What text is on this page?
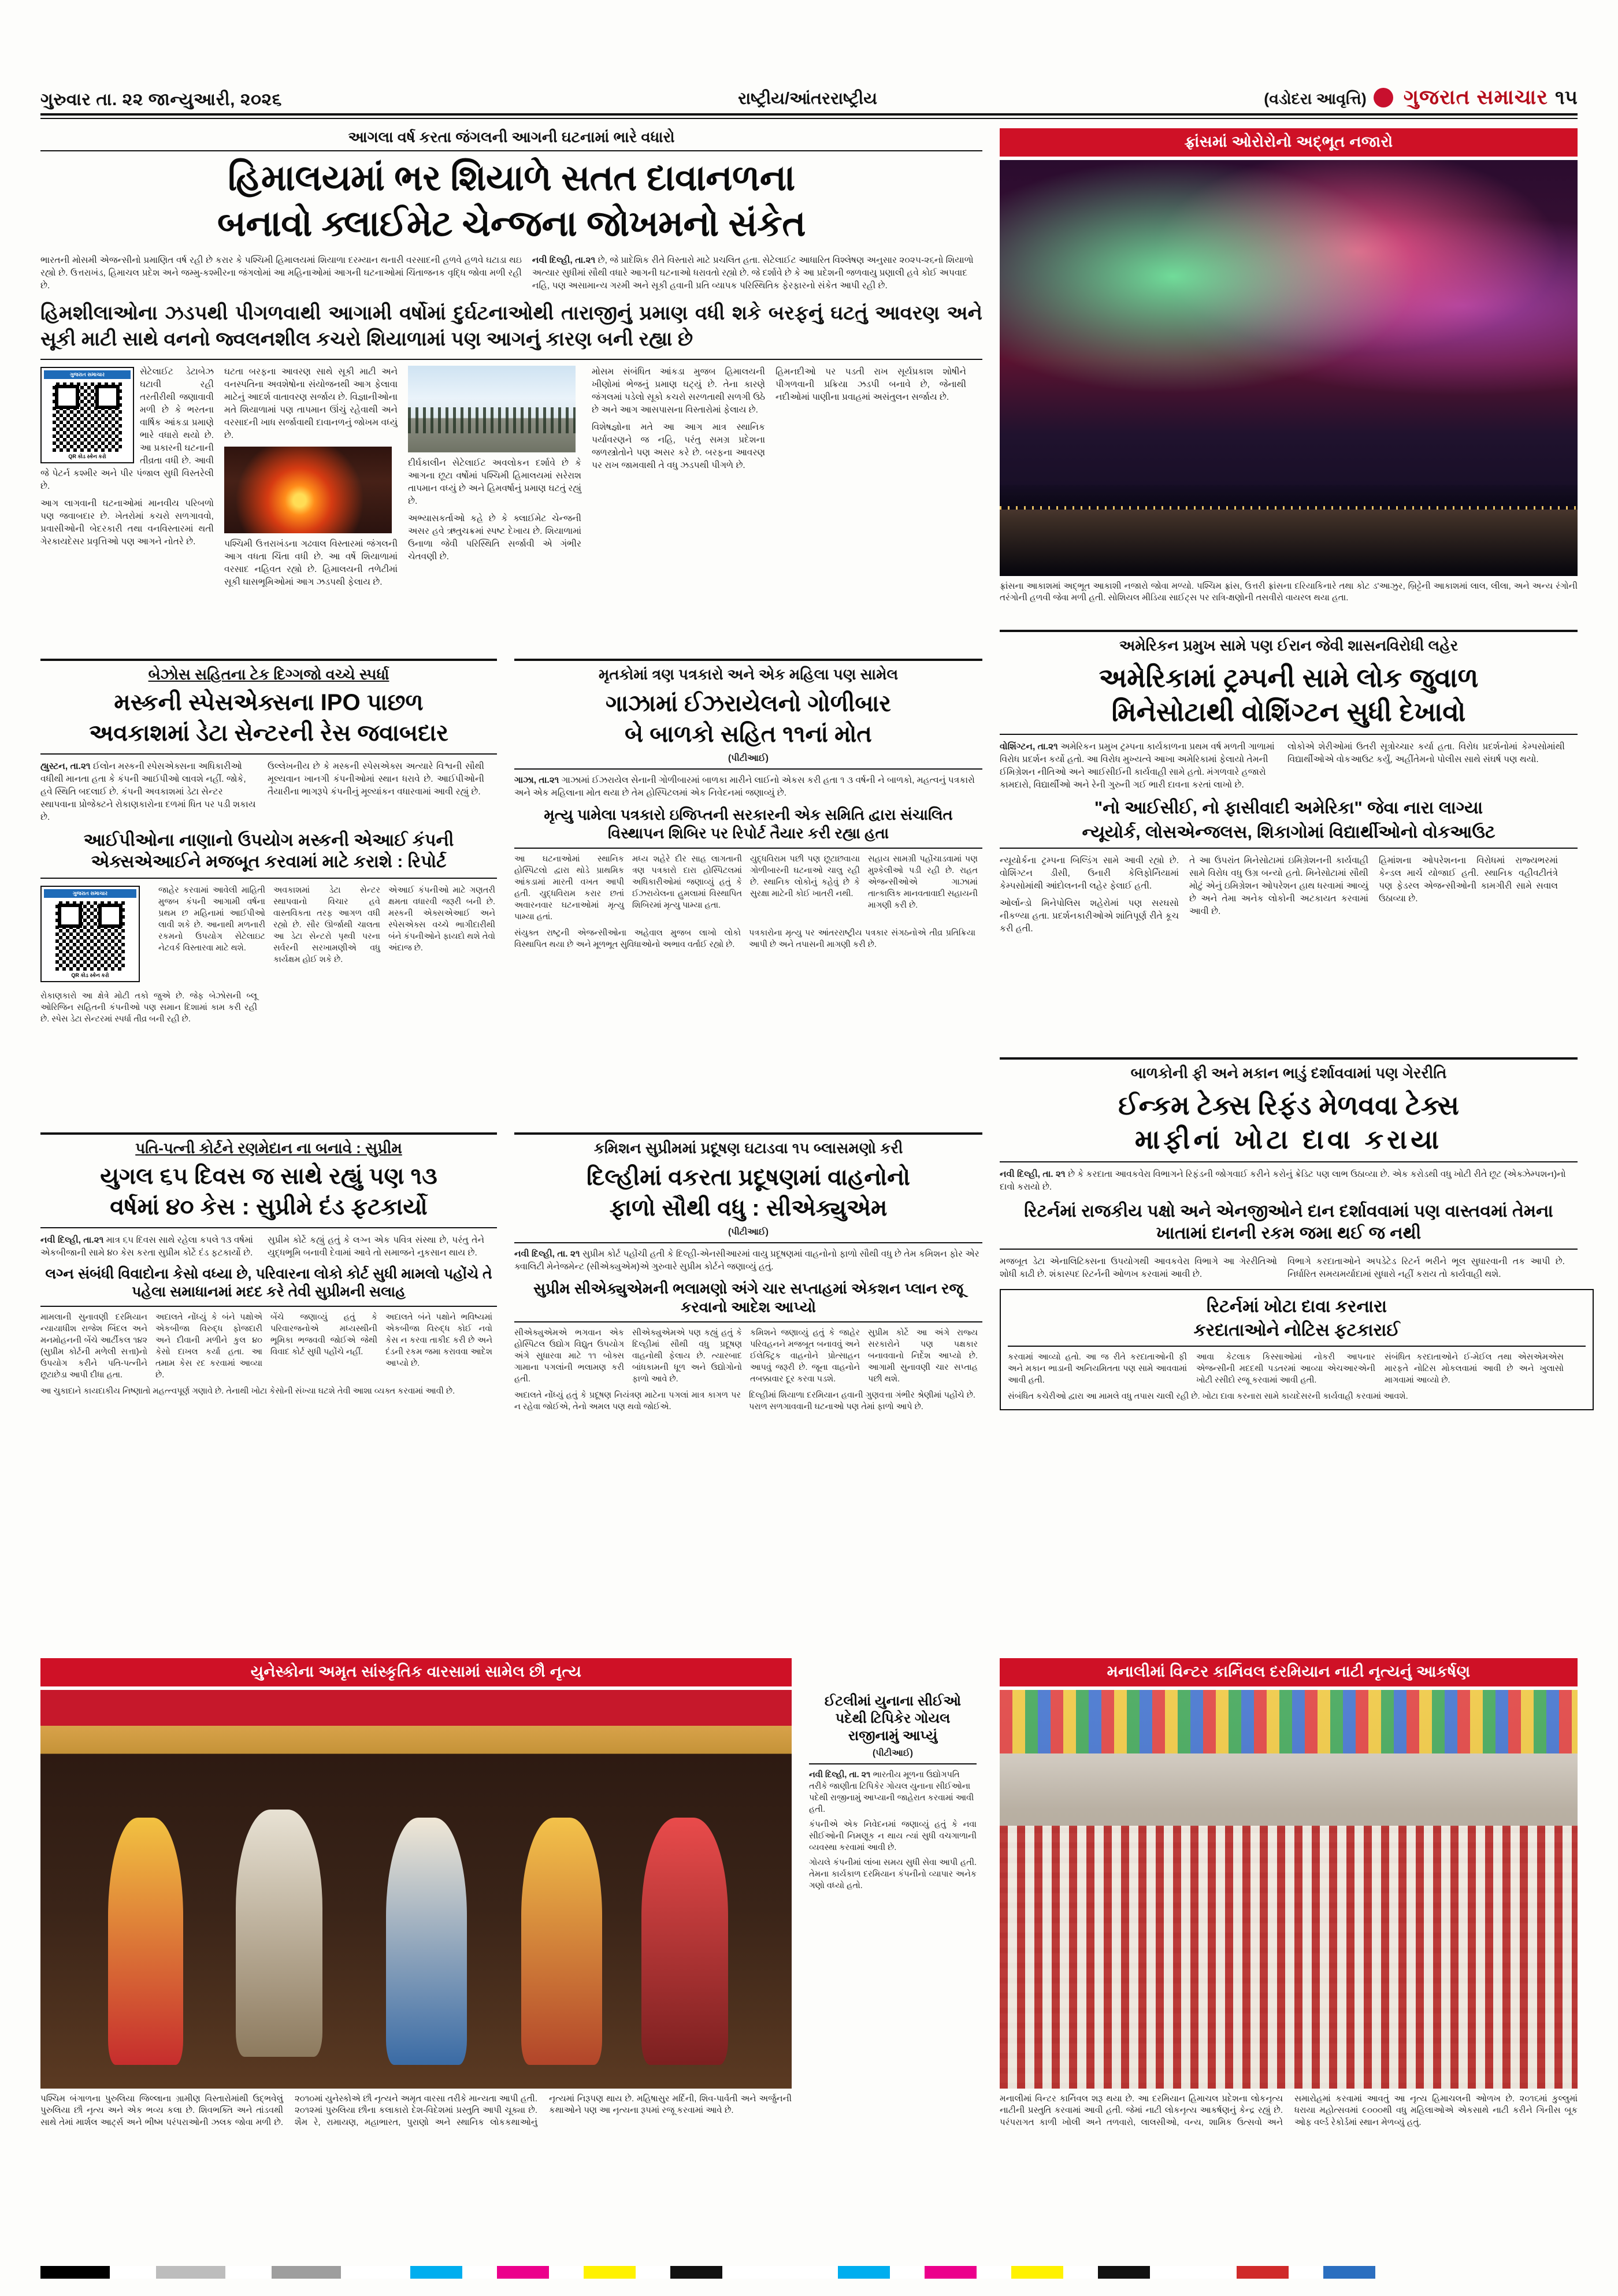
ગુરુવાર તા. ૨૨ જાન્યુઆરી, ૨૦૨૬	રાષ્ટ્રીય/આંતરરાષ્ટ્રીય	(વડોદરા આવૃત્તિ) ગુજરાત સમાચાર ૧૫
આગલા વર્ષ કરતા જંગલની આગની ઘટનામાં ભારે વધારો
હિમાલયમાં ભર શિયાળે સતત દાવાનળના
બનાવો ક્લાઈમેટ ચેન્જના જોખમનો સંકેત
ભારતની મોસમી એજન્સીનો પ્રમાણિત વર્ષ રહી છે કરાર કે પશ્ચિમી હિમાલયમાં શિયાળા દરમ્યાન થનારી વરસાદની હળવે હળવે ઘટાડા થઇ રહ્યો છે. ઉત્તરાખંડ, હિમાચલ પ્રદેશ અને જમ્મુ-કશ્મીરના જંગલોમાં આ મહિનાઓમાં આગની ઘટનાઓમાં ચિંતાજનક વૃદ્ધિ જોવા મળી રહી છે.
નવી દિલ્હી, તા.૨૧ છે, જે પ્રાદેશિક રીતે વિસ્તારો માટે પ્રચલિત હતા. સેટેલાઈટ આધારિત વિશ્લેષણ અનુસાર ૨૦૨૫-૨૬નો શિયાળો અત્યાર સુધીમાં સૌથી વધારે આગની ઘટનાઓ ધરાવતો રહ્યો છે. જે દર્શાવે છે કે આ પ્રદેશની જળવાયુ પ્રણાલી હવે કોઈ અપવાદ નહિ, પણ અસામાન્ય ગરમી અને સૂકી હવાની પ્રતિ વ્યાપક પરિસ્થિતિક ફેરફારનો સંકેત આપી રહી છે.
હિમશીલાઓના ઝડપથી પીગળવાથી આગામી વર્ષોમાં દુર્ઘટનાઓથી તારાજીનું પ્રમાણ વધી શકે બરફનું ઘટતું આવરણ અને સૂકી માટી સાથે વનનો જ્વલનશીલ કચરો શિયાળામાં પણ આગનું કારણ બની રહ્યા છે
ગુજરાત સમાચાર
QR કોડ સ્કેન કરો
સેટેલાઈટ ડેટાબેઝ ઘટાવી રહી તરતીરીથી જણાવાવી મળી છે કે ભરતના વાર્ષિક આંકડા પ્રમાણે ભારે વધારો થયો છે. આ પ્રકારની ઘટનાની તીવ્રતા વધી છે. આવી જે પેટર્ન કશ્મીર અને પીર પંજાલ સુધી વિસ્તરેલી છે.
આગ લાગવાની ઘટનાઓમાં માનવીય પરિબળો પણ જવાબદાર છે. ખેતરોમાં કચરો સળગાવવો, પ્રવાસીઓની બેદરકારી તથા વનવિસ્તારમાં થતી ગેરકાયદેસર પ્રવૃત્તિઓ પણ આગને નોતરે છે.
ઘટતા બરફના આવરણ સાથે સૂકી માટી અને વનસ્પતિના અવશેષોના સંયોજનથી આગ ફેલાવા માટેનું આદર્શ વાતાવરણ સર્જાય છે. વિજ્ઞાનીઓના મતે શિયાળામાં પણ તાપમાન ઊંચું રહેવાથી અને વરસાદની ખાધ સર્જાવાથી દાવાનળનું જોખમ વધ્યું છે.
પશ્ચિમી ઉત્તરાખંડના ગઢવાલ વિસ્તારમાં જંગલની આગ વધતા ચિંતા વધી છે. આ વર્ષે શિયાળામાં વરસાદ નહિવત રહ્યો છે. હિમાલયની તળેટીમાં સૂકી ઘાસભૂમિઓમાં આગ ઝડપથી ફેલાય છે.
દીર્ઘકાલીન સેટેલાઈટ અવલોકન દર્શાવે છે કે આગના છૂટા વર્ષોમાં પશ્ચિમી હિમાલયમાં સરેરાશ તાપમાન વધ્યું છે અને હિમવર્ષાનું પ્રમાણ ઘટતું રહ્યું છે.
અભ્યાસકર્તાઓ કહે છે કે ક્લાઈમેટ ચેન્જની અસર હવે ઋતુચક્રમાં સ્પષ્ટ દેખાય છે. શિયાળામાં ઉનાળા જેવી પરિસ્થિતિ સર્જાવી એ ગંભીર ચેતવણી છે.
મોસમ સંબંધિત આંકડા મુજબ હિમાલયની ખીણોમાં ભેજનું પ્રમાણ ઘટ્યું છે. તેના કારણે જંગલમાં પડેલો સૂકો કચરો સરળતાથી સળગી ઉઠે છે અને આગ આસપાસના વિસ્તારોમાં ફેલાય છે.
વિશેષજ્ઞોના મતે આ આગ માત્ર સ્થાનિક પર્યાવરણને જ નહિ, પરંતુ સમગ્ર પ્રદેશના જળસ્ત્રોતોને પણ અસર કરે છે. બરફના આવરણ પર રાખ જામવાથી તે વધુ ઝડપથી પીગળે છે.
હિમનદીઓ પર પડતી રાખ સૂર્યપ્રકાશ શોષીને પીગળવાની પ્રક્રિયા ઝડપી બનાવે છે, જેનાથી નદીઓમાં પાણીના પ્રવાહમાં અસંતુલન સર્જાય છે.
ફ્રાંસમાં ઓરોરોનો અદ્ભૂત નજારો
ફ્રાંસના આકાશમાં અદ્ભૂત આકાશી નજારો જોવા મળ્યો. પશ્ચિમ ફ્રાંસ, ઉત્તરી ફ્રાંસના દરિયાકિનારે તથા કોટ ડ'આઝુર, બ્રિટ્ટેની આકાશમાં લાલ, લીલા, અને અન્ય રંગોની તરંગોની હળવી જેવા મળી હતી. સોશિયલ મીડિયા સાઈટ્સ પર રાત્રિ-ક્ષણોની તસવીરો વાયરલ થયા હતા.
અમેરિકન પ્રમુખ સામે પણ ઈરાન જેવી શાસનવિરોધી લહેર
અમેરિકામાં ટ્રમ્પની સામે લોક જુવાળ
મિનેસોટાથી વોશિંગ્ટન સુધી દેખાવો
વોશિંગ્ટન, તા.૨૧ અમેરિકન પ્રમુખ ટ્રમ્પના કાર્યકાળના પ્રથમ વર્ષ મળતી ગાળામાં વિરોધ પ્રદર્શન કર્યો હતો. આ વિરોધ મુખ્યત્વે આખા અમેરિકામાં ફેલાયો તેમની ઈમિગ્રેશન નીતિઓ અને આઈસીઈની કાર્યવાહી સામે હતો. મંગળવારે હજારો કામદારો, વિદ્યાર્થીઓ અને રેની ગુરુની ગઈ ભારી દાવના કરતાં લાખો છે.
લોકોએ શેરીઓમાં ઉતરી સૂત્રોચ્ચાર કર્યા હતા. વિરોધ પ્રદર્શનોમાં કેમ્પસોમાંથી વિદ્યાર્થીઓએ વોકઆઉટ કર્યું, અહીંતેમનો પોલીસ સાથે સંઘર્ષ પણ થયો.
"નો આઈસીઈ, નો ફાસીવાદી અમેરિકા" જેવા નારા લાગ્યા
ન્યૂયોર્ક, લોસએન્જલસ, શિકાગોમાં વિદ્યાર્થીઓનો વોકઆઉટ
ન્યૂયોર્કના ટ્રમ્પના બિલ્ડિંગ સામે આવી રહ્યો છે. વોશિંગ્ટન ડીસી, ઉનારી કેલિફોર્નિયામાં કેમ્પસોમાંથી આંદોલનની લહેર ફેલાઈ હતી.
ઓર્લાન્ડો મિનેપોલિસ શહેરોમાં પણ સરઘસો નીકળ્યા હતા. પ્રદર્શનકારીઓએ શાંતિપૂર્ણ રીતે કૂચ કરી હતી.
તે આ ઉપરાંત મિનેસોટામાં ઇમિગ્રેશનની કાર્યવાહી સામે વિરોધ વધુ ઉગ્ર બન્યો હતો. મિનેસોટામાં સૌથી મોટું એનું ઇમિગ્રેશન ઓપરેશન હાથ ધરવામાં આવ્યું છે અને તેમા અનેક લોકોની અટકાયત કરવામાં આવી છે.
હિમાંશના ઓપરેશનના વિરોધમાં રાજ્યભરમાં કેન્ડલ માર્ચ યોજાઈ હતી. સ્થાનિક વહીવટીતંત્રે પણ ફેડરલ એજન્સીઓની કામગીરી સામે સવાલ ઉઠાવ્યા છે.
બાળકોની ફી અને મકાન ભાડું દર્શાવવામાં પણ ગેરરીતિ
ઈન્કમ ટેક્સ રિફંડ મેળવવા ટેક્સ
માફીનાં ખોટા દાવા કરાયા
નવી દિલ્હી, તા. ૨૧ છે કે કરદાતા આવકવેરા વિભાગને રિફંડની જોગવાઈ કરીને કરોનું ક્રેડિટ પણ લાભ ઉઠાવ્યા છે. એક કરોડથી વધુ ખોટી રીતે છૂટ (એક્ઝેમ્પશન)નો દાવો કરાયો છે.
રિટર્નમાં રાજકીય પક્ષો અને એનજીઓને દાન દર્શાવવામાં પણ વાસ્તવમાં તેમના ખાતામાં દાનની રકમ જમા થઈ જ નથી
મજબૂત ડેટા એનાલિટિક્સના ઉપયોગથી આવકવેરા વિભાગે આ ગેરરીતિઓ શોધી કાઢી છે. શંકાસ્પદ રિટર્નની ઓળખ કરવામાં આવી છે.
વિભાગે કરદાતાઓને અપડેટેડ રિટર્ન ભરીને ભૂલ સુધારવાની તક આપી છે. નિર્ધારિત સમયમર્યાદામાં સુધારો નહીં કરાય તો કાર્યવાહી થશે.
રિટર્નમાં ખોટા દાવા કરનારા
કરદાતાઓને નોટિસ ફટકારાઈ
કરવામાં આવ્યો હતો. આ જ રીતે કરદાતાઓની ફી અને મકાન ભાડાની અનિયમિતતા પણ સામે આવવામાં આવી હતી.
આવા કેટલાક કિસ્સાઓમાં નોકરી આપનાર એજન્સીની મદદથી પડતરમાં આવ્યા એચઆરએની ખોટી રસીદો રજૂ કરવામાં આવી હતી.
સંબંધિત કરદાતાઓને ઈ-મેઈલ તથા એસએમએસ મારફતે નોટિસ મોકલવામાં આવી છે અને ખુલાસો માગવામાં આવ્યો છે.
સંબંધિત કચેરીઓ દ્વારા આ મામલે વધુ તપાસ ચાલી રહી છે. ખોટા દાવા કરનારા સામે કાયદેસરની કાર્યવાહી કરવામાં આવશે.
બેઝોસ સહિતના ટેક દિગ્ગજો વચ્ચે સ્પર્ધા
મસ્કની સ્પેસએક્સના IPO પાછળ
અવકાશમાં ડેટા સેન્ટરની રેસ જવાબદાર
હ્યુસ્ટન, તા.૨૧ ઈલોન મસ્કની સ્પેસએક્સના અધિકારીઓ વધીથી માનતા હતા કે કંપની આઈપીઓ લાવશે નહીં. જોકે, હવે સ્થિતિ બદલાઈ છે. કંપની અવકાશમાં ડેટા સેન્ટર સ્થાપવાના પ્રોજેક્ટને રોકાણકારોના દળમાં ધિત પર પડી શકાય છે.
ઉલ્લેખનીય છે કે મસ્કની સ્પેસએક્સ અત્યારે વિશ્વની સૌથી મૂલ્યવાન ખાનગી કંપનીઓમાં સ્થાન ધરાવે છે. આઈપીઓની તૈયારીના ભાગરૂપે કંપનીનું મૂલ્યાંકન વધારવામાં આવી રહ્યું છે.
આઈપીઓના નાણાનો ઉપયોગ મસ્કની એઆઈ કંપની એક્સએઆઈને મજબૂત કરવામાં માટે કરાશે : રિપોર્ટ
ગુજરાત સમાચાર
QR કોડ સ્કેન કરો
જાહેર કરવામાં આવેલી માહિતી મુજબ કંપની આગામી વર્ષના પ્રથમ છ મહિનામાં આઈપીઓ લાવી શકે છે. આનાથી મળનારી રકમનો ઉપયોગ સેટેલાઇટ નેટવર્ક વિસ્તારવા માટે થશે.
અવકાશમાં ડેટા સેન્ટર સ્થાપવાનો વિચાર હવે વાસ્તવિકતા તરફ આગળ વધી રહ્યો છે. સૌર ઊર્જાથી ચાલતા આ ડેટા સેન્ટરો પૃથ્વી પરના સર્વરની સરખામણીએ વધુ કાર્યક્ષમ હોઈ શકે છે.
એઆઈ કંપનીઓ માટે ગણતરી ક્ષમતા વધારવી જરૂરી બની છે. મસ્કની એક્સએઆઈ અને સ્પેસએક્સ વચ્ચે ભાગીદારીથી બંને કંપનીઓને ફાયદો થશે તેવો અંદાજ છે.
રોકાણકારો આ ક્ષેત્રે મોટી તકો જુએ છે. જેફ બેઝોસની બ્લૂ ઓરિજિન સહિતની કંપનીઓ પણ સમાન દિશામાં કામ કરી રહી છે. સ્પેસ ડેટા સેન્ટરમાં સ્પર્ધા તીવ્ર બની રહી છે.
મૃતકોમાં ત્રણ પત્રકારો અને એક મહિલા પણ સામેલ
ગાઝામાં ઈઝરાયેલનો ગોળીબાર
બે બાળકો સહિત ૧૧નાં મોત
(પીટીઆઈ)
ગાઝા, તા.૨૧ ગાઝામાં ઈઝરાયેલ સેનાની ગોળીબારમાં બાળકા મારીને લાઈનો એકસ કરી હતા ૧ ૩ વર્ષની ને બાળકો, મહત્વનું પત્રકારો અને એક મહિલાના મોત થયા છે તેમ હોસ્પિટલમાં એક નિવેદનમાં જણાવ્યું છે.
મૃત્યુ પામેલા પત્રકારો ઇજિપ્તની સરકારની એક સમિતિ દ્વારા સંચાલિત વિસ્થાપન શિબિર પર રિપોર્ટ તૈયાર કરી રહ્યા હતા
આ ઘટનાઓમાં સ્થાનિક હોસ્પિટલો દ્વારા થોડે પ્રાથમિક આંકડામાં મારતી વખત આપી હતી. યુદ્ધવિરામ કરાર છતાં અવારનવાર ઘટનાઓમાં મૃત્યુ પામ્યા હતાં.
મધ્ય શહેરે દીર સાહ લાગતાની ત્રણ પત્રકારો દારા હોસ્પિટલમાં અધિકારીઓમાં જણાવ્યું હતું કે ઈઝરાયેલના હુમલામાં વિસ્થાપિત શિબિરમાં મૃત્યુ પામ્યા હતા.
યુદ્ધવિરામ પછી પણ છૂટાછવાયા ગોળીબારની ઘટનાઓ ચાલુ રહી છે. સ્થાનિક લોકોનું કહેવું છે કે સુરક્ષા માટેની કોઈ ખાતરી નથી.
સહાય સામગ્રી પહોંચાડવામાં પણ મુશ્કેલીઓ પડી રહી છે. રાહત એજન્સીઓએ ગાઝામાં તાત્કાલિક માનવતાવાદી સહાયની માગણી કરી છે.
સંયુક્ત રાષ્ટ્રની એજન્સીઓના અહેવાલ મુજબ લાખો લોકો વિસ્થાપિત થયા છે અને મૂળભૂત સુવિધાઓનો અભાવ વર્તાઈ રહ્યો છે.
પત્રકારોના મૃત્યુ પર આંતરરાષ્ટ્રીય પત્રકાર સંગઠનોએ તીવ્ર પ્રતિક્રિયા આપી છે અને તપાસની માગણી કરી છે.
પતિ-પત્ની કોર્ટને રણમેદાન ના બનાવે : સુપ્રીમ
યુગલ ૬૫ દિવસ જ સાથે રહ્યું પણ ૧૩
વર્ષમાં ૪૦ કેસ : સુપ્રીમે દંડ ફટકાર્યો
નવી દિલ્હી, તા.૨૧ માત્ર ૬૫ દિવસ સાથે રહેલા કપલે ૧૩ વર્ષમાં એકબીજાની સામે ૪૦ કેસ કરતા સુપ્રીમ કોર્ટે દંડ ફટકાર્યો છે.
સુપ્રીમ કોર્ટે કહ્યું હતું કે લગ્ન એક પવિત્ર સંસ્થા છે, પરંતુ તેને યુદ્ધભૂમિ બનાવી દેવામાં આવે તો સમાજને નુકસાન થાય છે.
લગ્ન સંબંધી વિવાદોના કેસો વધ્યા છે, પરિવારના લોકો કોર્ટ સુધી મામલો પહોંચે તે પહેલા સમાધાનમાં મદદ કરે તેવી સુપ્રીમની સલાહ
મામલાની સુનાવણી દરમિયાન ન્યાયાધીશ રાજેશ બિંદલ અને મનમોહનની બેંચે આર્ટીકલ ૧૪૨ (સુપ્રીમ કોર્ટની મળેલી સત્તા)નો ઉપયોગ કરીને પતિ-પત્નીને છૂટાછેડા આપી દીધા હતા.
અદાલતે નોંધ્યું કે બંને પક્ષોએ એકબીજા વિરુદ્ધ ફોજદારી અને દીવાની મળીને કુલ ૪૦ કેસો દાખલ કર્યા હતા. આ તમામ કેસ રદ કરવામાં આવ્યા છે.
બેંચે જણાવ્યું હતું કે પરિવારજનોએ મધ્યસ્થીની ભૂમિકા ભજવવી જોઈએ જેથી વિવાદ કોર્ટ સુધી પહોંચે નહીં.
અદાલતે બંને પક્ષોને ભવિષ્યમાં એકબીજા વિરુદ્ધ કોઈ નવો કેસ ન કરવા તાકીદ કરી છે અને દંડની રકમ જમા કરાવવા આદેશ આપ્યો છે.
આ ચુકાદાને કાયદાકીય નિષ્ણાતો મહત્ત્વપૂર્ણ ગણાવે છે. તેનાથી ખોટા કેસોની સંખ્યા ઘટશે તેવી આશા વ્યક્ત કરવામાં આવી છે.
કમિશન સુપ્રીમમાં પ્રદૂષણ ઘટાડવા ૧૫ બ્લાસમણો કરી
દિલ્હીમાં વકરતા પ્રદૂષણમાં વાહનોનો
ફાળો સૌથી વધુ : સીએક્યુએમ
(પીટીઆઈ)
નવી દિલ્હી, તા. ૨૧ સુપ્રીમ કોર્ટ પહોંચી હતી કે દિલ્હી-એનસીઆરમાં વાયુ પ્રદૂષણમાં વાહનોનો ફાળો સૌથી વધુ છે તેમ કમિશન ફોર એર ક્વાલિટી મેનેજમેન્ટ (સીએક્યુએમ)એ ગુરુવારે સુપ્રીમ કોર્ટને જણાવ્યું હતું.
સુપ્રીમ સીએક્યુએમની ભલામણો અંગે ચાર સપ્તાહમાં એકશન પ્લાન રજૂ કરવાનો આદેશ આપ્યો
સીએક્યુએમએ ભગવાન એક હોસ્પિટલ ઉદ્યોગ વિદ્યુત ઉપયોગ અંગે સુધારવા માટે ૧૧ બોક્સ ગામાના પગલાંની ભલામણ કરી હતી.
સીએક્યુએમએ પણ કહ્યું હતું કે દિલ્હીમાં સૌથી વધુ પ્રદૂષણ વાહનોથી ફેલાય છે. ત્યારબાદ બાંધકામની ધૂળ અને ઉદ્યોગોનો ફાળો આવે છે.
કમિશને જણાવ્યું હતું કે જાહેર પરિવહનને મજબૂત બનાવવું અને ઈલેક્ટ્રિક વાહનોને પ્રોત્સાહન આપવું જરૂરી છે. જૂના વાહનોને તબક્કાવાર દૂર કરવા પડશે.
સુપ્રીમ કોર્ટે આ અંગે રાજ્ય સરકારોને પણ પક્ષકાર બનાવવાનો નિર્દેશ આપ્યો છે. આગામી સુનાવણી ચાર સપ્તાહ પછી થશે.
અદાલતે નોંધ્યું હતું કે પ્રદૂષણ નિયંત્રણ માટેના પગલાં માત્ર કાગળ પર ન રહેવા જોઈએ, તેનો અમલ પણ થવો જોઈએ.
દિલ્હીમાં શિયાળા દરમિયાન હવાની ગુણવત્તા ગંભીર શ્રેણીમાં પહોંચે છે. પરાળ સળગાવવાની ઘટનાઓ પણ તેમાં ફાળો આપે છે.
યુનેસ્કોના અમૃત સાંસ્કૃતિક વારસામાં સામેલ છૌ નૃત્ય
પશ્ચિમ બંગાળના પુરુલિયા જિલ્લાના ગ્રામીણ વિસ્તારોમાંથી ઉદ્ભવેલું પુરુલિયા છૌ નૃત્ય અને એક ભવ્ય કલા છે. શિવભક્તિ અને તાંડવથી સાથે તેમાં માર્શલ આર્ટ્સ અને ભીષ્મ પરંપરાઓની ઝલક જોવા મળી છે. ૨૦૧૦માં યુનેસ્કોએ છૌ નૃત્યને અમૃત વારસા તરીકે માન્યતા આપી હતી. ૨૦૧૨માં પુરુલિયા છૌના કલાકારો દેશ-વિદેશમાં પ્રસ્તુતિ આપી ચૂક્યા છે. શૈમ રે, રામાયણ, મહાભારત, પુરાણો અને સ્થાનિક લોકકથાઓનું નૃત્યમાં નિરૂપણ થાય છે. મહિષાસુર મર્દિની, શિવ-પાર્વતી અને અર્જુનની કથાઓને પણ આ નૃત્યના રૂપમાં રજૂ કરવામાં આવે છે.
ઈટલીમાં યુનાના સીઈઓ પદેથી ટિપિકેર ગોયલ રાજીનામું આપ્યું
(પીટીઆઈ)
નવી દિલ્હી, તા. ૨૧ ભારતીય મૂળના ઉદ્યોગપતિ તરીકે જાણીતા ટિપિકેર ગોયલ યુનાના સીઈઓના પદેથી રાજીનામું આપ્યાની જાહેરાત કરવામાં આવી હતી.
કંપનીએ એક નિવેદનમાં જણાવ્યું હતું કે નવા સીઈઓની નિમણૂક ન થાય ત્યાં સુધી વચગાળાની વ્યવસ્થા કરવામાં આવી છે.
ગોયલે કંપનીમાં લાંબા સમય સુધી સેવા આપી હતી. તેમના કાર્યકાળ દરમિયાન કંપનીનો વ્યાપાર અનેક ગણો વધ્યો હતો.
મનાલીમાં વિન્ટર કાર્નિવલ દરમિયાન નાટી નૃત્યનું આકર્ષણ
મનાલીમાં વિન્ટર કાર્નિવલ શરૂ થયા છે. આ દરમિયાન હિમાચલ પ્રદેશના લોકનૃત્ય નાટીની પ્રસ્તુતિ કરવામાં આવી હતી. જેમાં નાટી લોકનૃત્ય આકર્ષણનું કેન્દ્ર રહ્યું છે. પરંપરાગત કાળી ખોલી અને તળવારો, લાલસીઓ, વન્ય, શામિક ઉત્સવો અને સમારોહમાં કરવામાં આવતું આ નૃત્ય હિમાચલની ઓળખ છે. ૨૦૧૬માં કુલ્લુમાં ધરાયા મહોત્સવમાં ૯૦૦૦થી વધુ મહિલાઓએ એકસાથે નાટી કરીને ગિનીસ બૂક ઓફ વર્લ્ડ રેકોર્ડમાં સ્થાન મેળવ્યું હતું.
